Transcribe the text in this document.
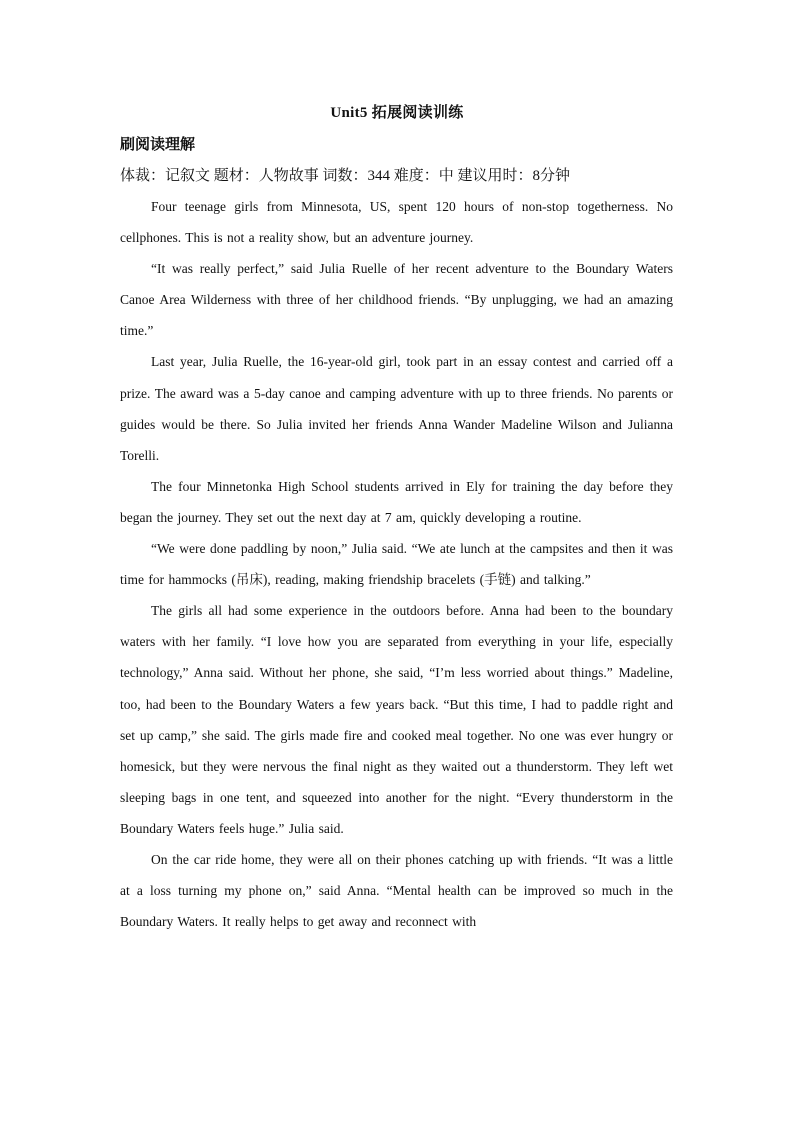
Unit5 拓展阅读训练
刷阅读理解
体裁：记叙文 题材：人物故事 词数：344 难度：中 建议用时：8分钟

Four teenage girls from Minnesota, US, spent 120 hours of non-stop togetherness. No cellphones. This is not a reality show, but an adventure journey.

“It was really perfect,” said Julia Ruelle of her recent adventure to the Boundary Waters Canoe Area Wilderness with three of her childhood friends. “By unplugging, we had an amazing time.”

Last year, Julia Ruelle, the 16-year-old girl, took part in an essay contest and carried off a prize. The award was a 5-day canoe and camping adventure with up to three friends. No parents or guides would be there. So Julia invited her friends Anna Wander Madeline Wilson and Julianna Torelli.

The four Minnetonka High School students arrived in Ely for training the day before they began the journey. They set out the next day at 7 am, quickly developing a routine.

“We were done paddling by noon,” Julia said. “We ate lunch at the campsites and then it was time for hammocks (吊床), reading, making friendship bracelets (手链) and talking.”

The girls all had some experience in the outdoors before. Anna had been to the boundary waters with her family. “I love how you are separated from everything in your life, especially technology,” Anna said. Without her phone, she said, “I’m less worried about things.” Madeline, too, had been to the Boundary Waters a few years back. “But this time, I had to paddle right and set up camp,” she said. The girls made fire and cooked meal together. No one was ever hungry or homesick, but they were nervous the final night as they waited out a thunderstorm. They left wet sleeping bags in one tent, and squeezed into another for the night. “Every thunderstorm in the Boundary Waters feels huge.” Julia said.

On the car ride home, they were all on their phones catching up with friends. “It was a little at a loss turning my phone on,” said Anna. “Mental health can be improved so much in the Boundary Waters. It really helps to get away and reconnect with
